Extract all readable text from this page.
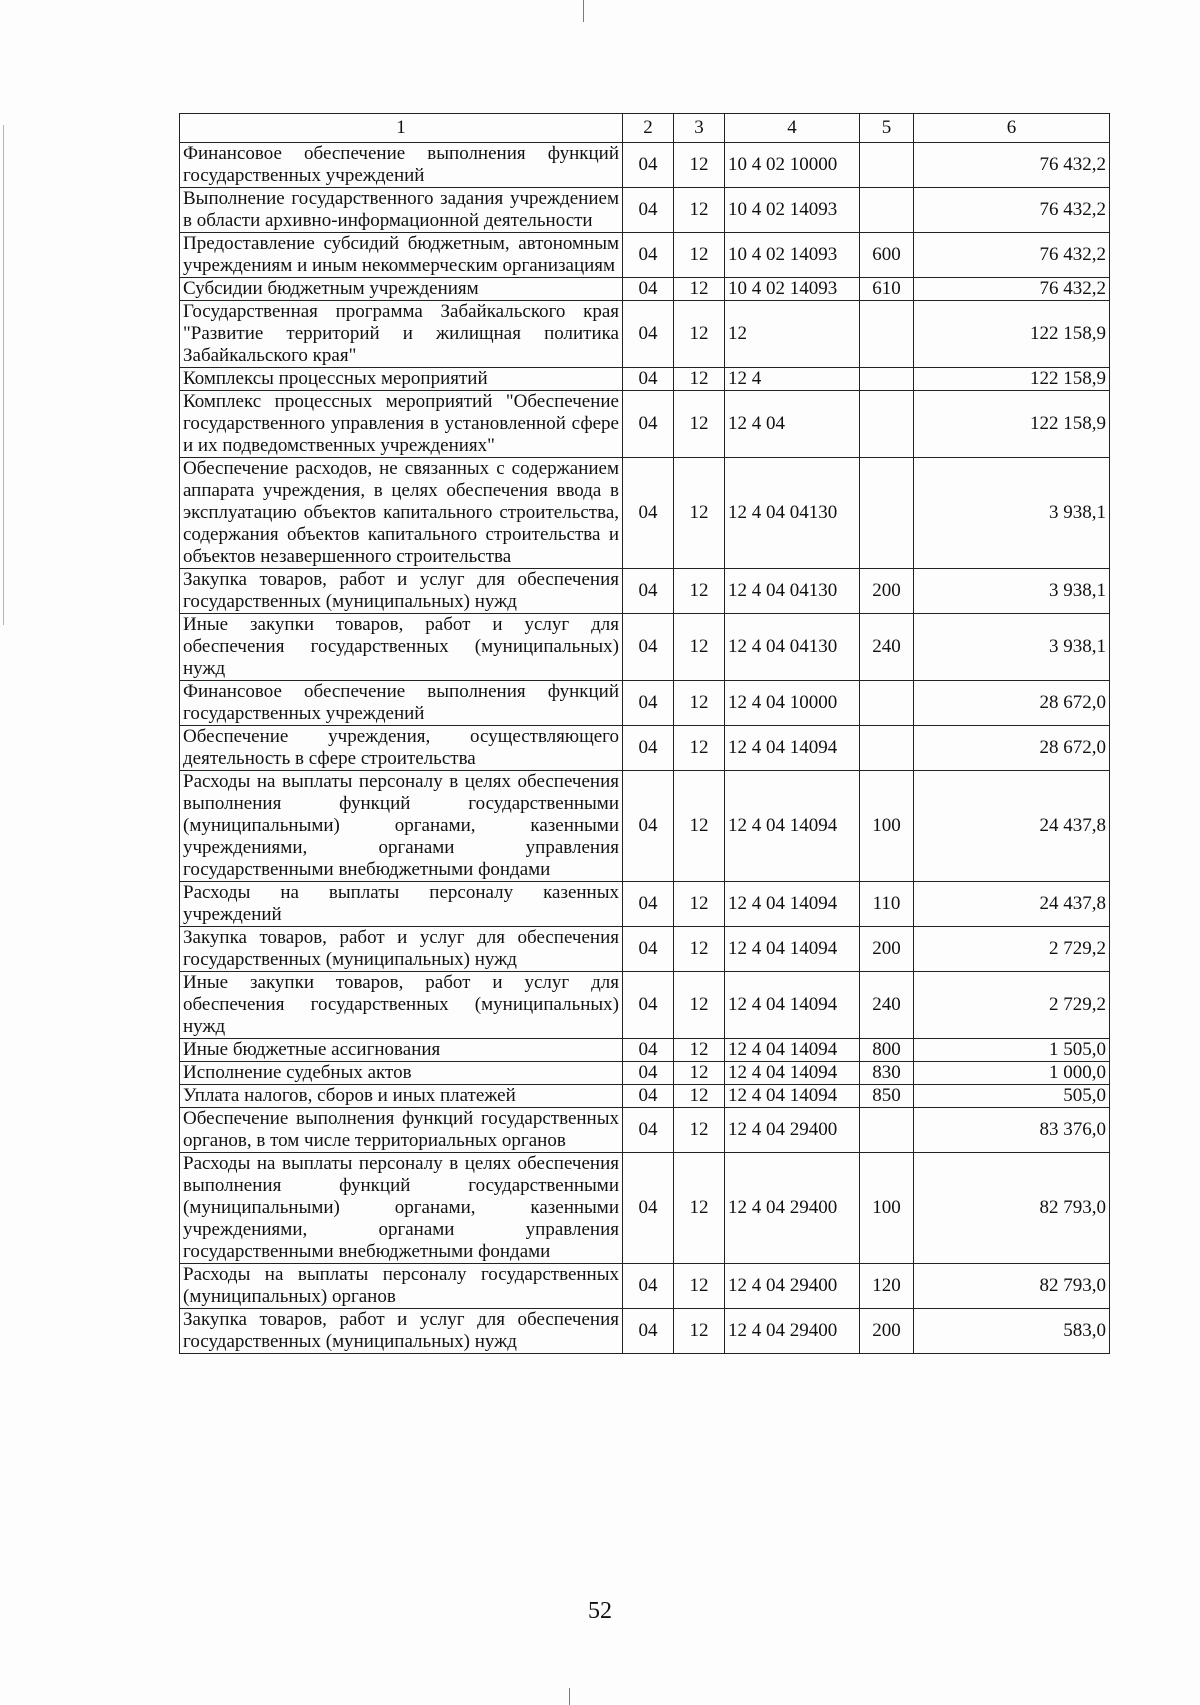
1	2	3	4	5	6
Финансовое обеспечение выполнения функций государственных учреждений	04	12	10 4 02 10000		76 432,2
Выполнение государственного задания учреждением в области архивно-информационной деятельности	04	12	10 4 02 14093		76 432,2
Предоставление субсидий бюджетным, автономным учреждениям и иным некоммерческим организациям	04	12	10 4 02 14093	600	76 432,2
Субсидии бюджетным учреждениям	04	12	10 4 02 14093	610	76 432,2
Государственная программа Забайкальского края "Развитие территорий и жилищная политика Забайкальского края"	04	12	12		122 158,9
Комплексы процессных мероприятий	04	12	12 4		122 158,9
Комплекс процессных мероприятий "Обеспечение государственного управления в установленной сфере и их подведомственных учреждениях"	04	12	12 4 04		122 158,9
Обеспечение расходов, не связанных с содержанием аппарата учреждения, в целях обеспечения ввода в эксплуатацию объектов капитального строительства, содержания объектов капитального строительства и объектов незавершенного строительства	04	12	12 4 04 04130		3 938,1
Закупка товаров, работ и услуг для обеспечения государственных (муниципальных) нужд	04	12	12 4 04 04130	200	3 938,1
Иные закупки товаров, работ и услуг для обеспечения государственных (муниципальных) нужд	04	12	12 4 04 04130	240	3 938,1
Финансовое обеспечение выполнения функций государственных учреждений	04	12	12 4 04 10000		28 672,0
Обеспечение учреждения, осуществляющего деятельность в сфере строительства	04	12	12 4 04 14094		28 672,0
Расходы на выплаты персоналу в целях обеспечения выполнения функций государственными (муниципальными) органами, казенными учреждениями, органами управления государственными внебюджетными фондами	04	12	12 4 04 14094	100	24 437,8
Расходы на выплаты персоналу казенных учреждений	04	12	12 4 04 14094	110	24 437,8
Закупка товаров, работ и услуг для обеспечения государственных (муниципальных) нужд	04	12	12 4 04 14094	200	2 729,2
Иные закупки товаров, работ и услуг для обеспечения государственных (муниципальных) нужд	04	12	12 4 04 14094	240	2 729,2
Иные бюджетные ассигнования	04	12	12 4 04 14094	800	1 505,0
Исполнение судебных актов	04	12	12 4 04 14094	830	1 000,0
Уплата налогов, сборов и иных платежей	04	12	12 4 04 14094	850	505,0
Обеспечение выполнения функций государственных органов, в том числе территориальных органов	04	12	12 4 04 29400		83 376,0
Расходы на выплаты персоналу в целях обеспечения выполнения функций государственными (муниципальными) органами, казенными учреждениями, органами управления государственными внебюджетными фондами	04	12	12 4 04 29400	100	82 793,0
Расходы на выплаты персоналу государственных (муниципальных) органов	04	12	12 4 04 29400	120	82 793,0
Закупка товаров, работ и услуг для обеспечения государственных (муниципальных) нужд	04	12	12 4 04 29400	200	583,0
52
